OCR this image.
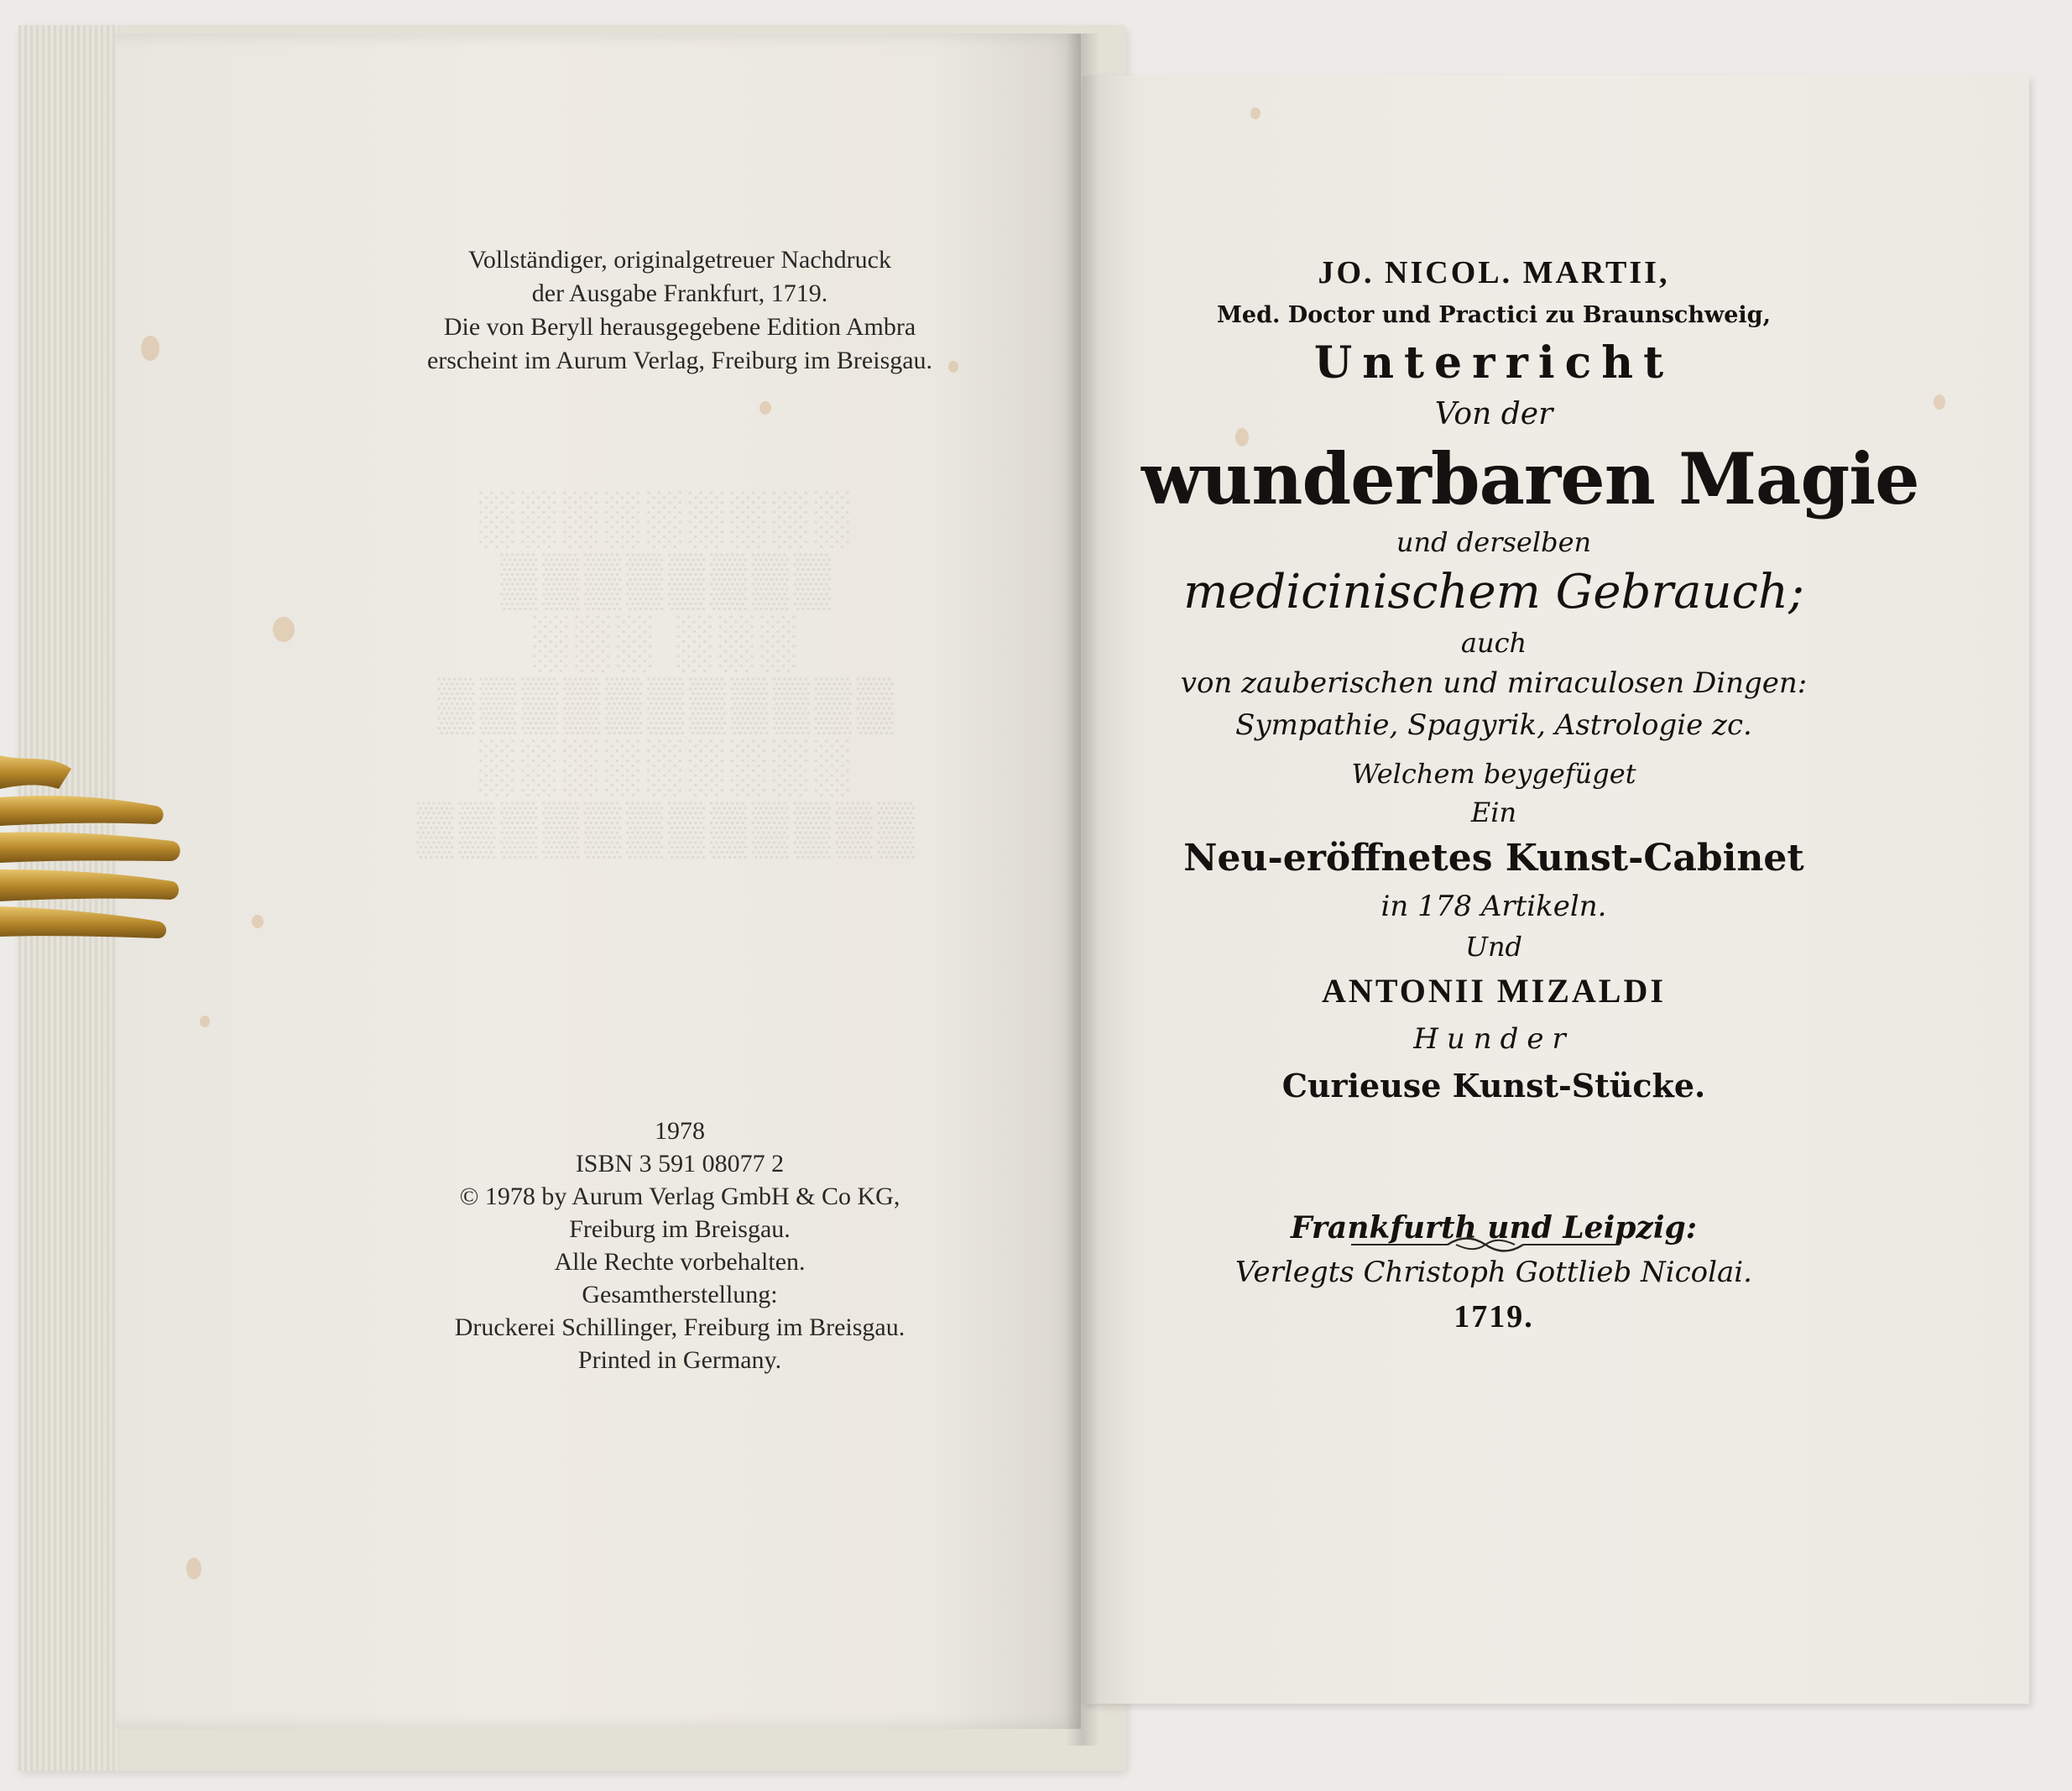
░░░░░░░░░
▒▒▒▒▒▒▒▒
░░░ ░░░
▒▒▒▒▒▒▒▒▒▒▒
░░░░░░░░░
▒▒▒▒▒▒▒▒▒▒▒▒
Vollständiger, originalgetreuer Nachdruck
der Ausgabe Frankfurt, 1719.
Die von Beryll herausgegebene Edition Ambra
erscheint im Aurum Verlag, Freiburg im Breisgau.
1978
ISBN 3 591 08077 2
© 1978 by Aurum Verlag GmbH & Co KG,
Freiburg im Breisgau.
Alle Rechte vorbehalten.
Gesamtherstellung:
Druckerei Schillinger, Freiburg im Breisgau.
Printed in Germany.
JO. NICOL. MARTII,
Med. Doctor und Practici zu Braunschweig,
Unterricht
Von der
wunderbaren Magie
und derselben
medicinischem Gebrauch;
auch
von zauberischen und miraculosen Dingen:
Sympathie, Spagyrik, Astrologie zc.
Welchem beygefüget
Ein
Neu-eröffnetes Kunst-Cabinet
in 178 Artikeln.
Und
ANTONII MIZALDI
Hunder
Curieuse Kunst-Stücke.
Frankfurth und Leipzig:
Verlegts Christoph Gottlieb Nicolai.
1719.
